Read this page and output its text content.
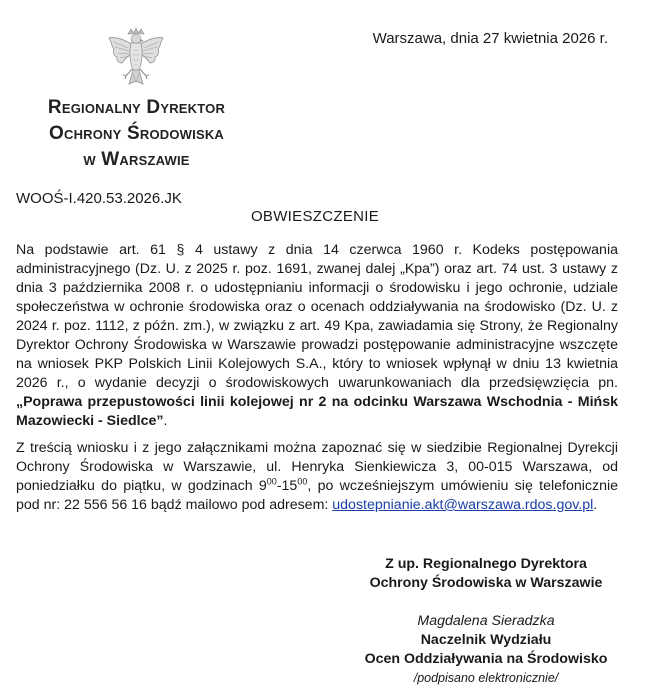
Warszawa, dnia 27 kwietnia 2026 r.
Regionalny Dyrektor
Ochrony Środowiska
w Warszawie
WOOŚ-I.420.53.2026.JK
OBWIESZCZENIE
Na podstawie art. 61 § 4 ustawy z dnia 14 czerwca 1960 r. Kodeks postępowania administracyjnego (Dz. U. z 2025 r. poz. 1691, zwanej dalej „Kpa”) oraz art. 74 ust. 3 ustawy z dnia 3 października 2008 r. o udostępnianiu informacji o środowisku i jego ochronie, udziale społeczeństwa w ochronie środowiska oraz o ocenach oddziaływania na środowisko (Dz. U. z 2024 r. poz. 1112, z późn. zm.), w związku z art. 49 Kpa, zawiadamia się Strony, że Regionalny Dyrektor Ochrony Środowiska w Warszawie prowadzi postępowanie administracyjne wszczęte na wniosek PKP Polskich Linii Kolejowych S.A., który to wniosek wpłynął w dniu 13 kwietnia 2026 r., o wydanie decyzji o środowiskowych uwarunkowaniach dla przedsięwzięcia pn. „Poprawa przepustowości linii kolejowej nr 2 na odcinku Warszawa Wschodnia - Mińsk Mazowiecki - Siedlce”.
Z treścią wniosku i z jego załącznikami można zapoznać się w siedzibie Regionalnej Dyrekcji Ochrony Środowiska w Warszawie, ul. Henryka Sienkiewicza 3, 00-015 Warszawa, od poniedziałku do piątku, w godzinach $9^{00}-15^{00}$, po wcześniejszym umówieniu się telefonicznie pod nr: 22 556 56 16 bądź mailowo pod adresem: udostepnianie.akt@warszawa.rdos.gov.pl.
Z up. Regionalnego Dyrektora
Ochrony Środowiska w Warszawie
Magdalena Sieradzka
Naczelnik Wydziału
Ocen Oddziaływania na Środowisko
/podpisano elektronicznie/
